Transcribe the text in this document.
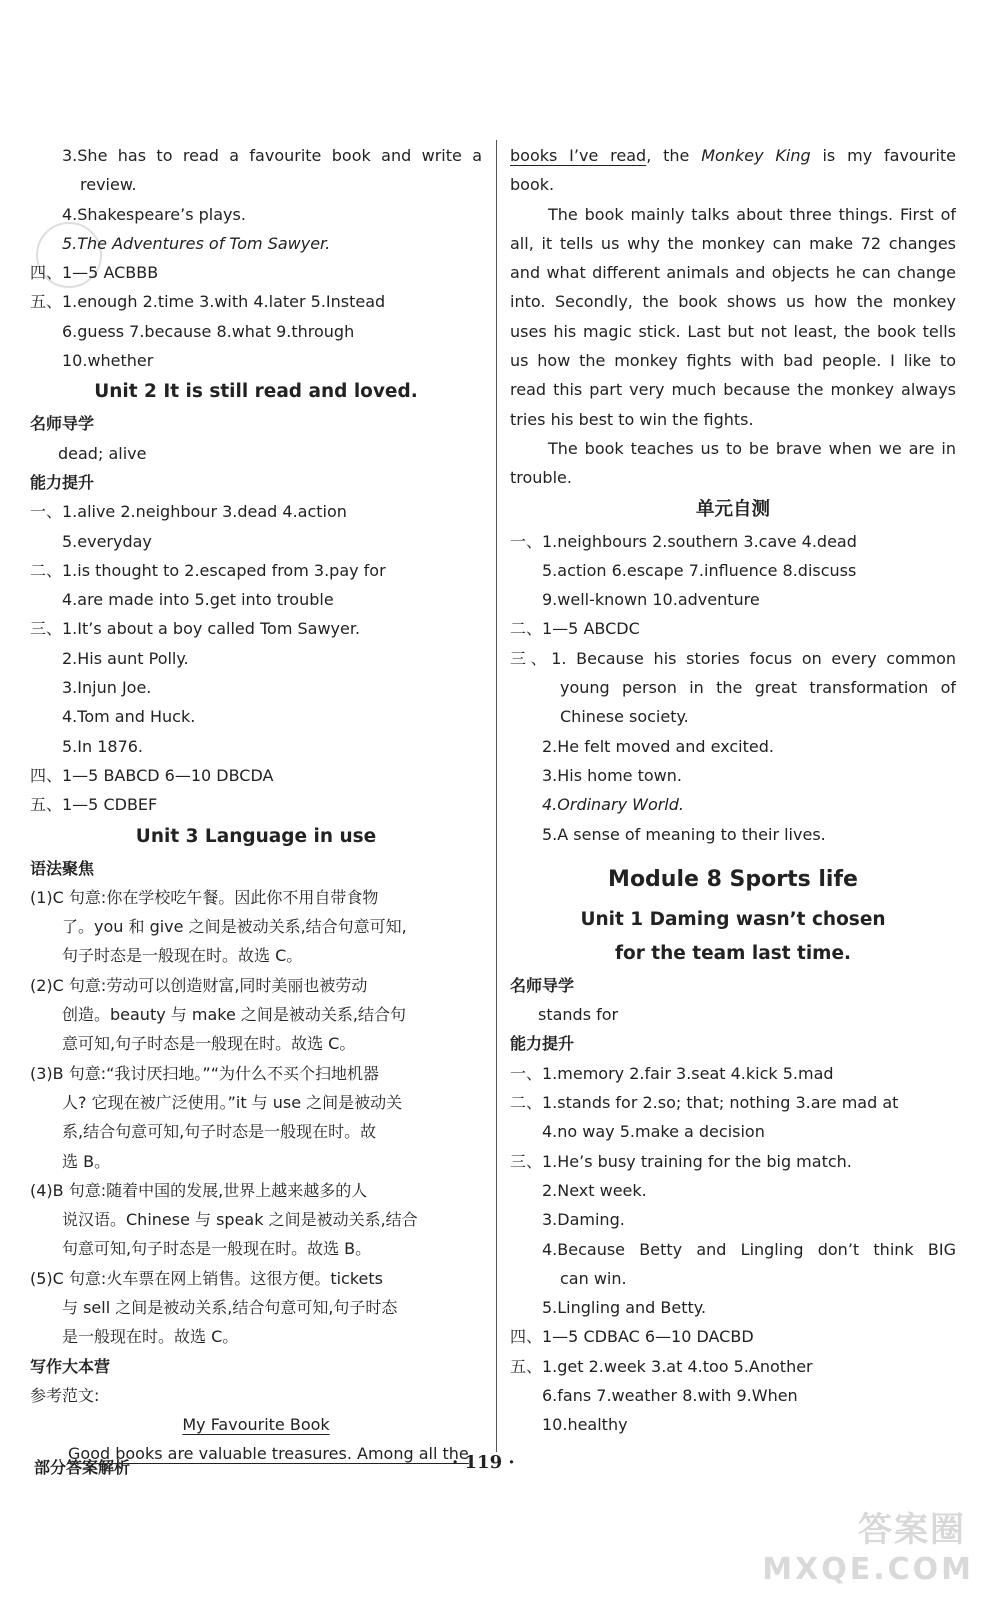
3.She has to read a favourite book and write a
review.
4.Shakespeare’s plays.
5.The Adventures of Tom Sawyer.
四、1—5 ACBBB
五、1.enough 2.time 3.with 4.later 5.Instead
6.guess 7.because 8.what 9.through
10.whether
Unit 2 It is still read and loved.
名师导学
dead; alive
能力提升
一、1.alive 2.neighbour 3.dead 4.action
5.everyday
二、1.is thought to 2.escaped from 3.pay for
4.are made into 5.get into trouble
三、1.It’s about a boy called Tom Sawyer.
2.His aunt Polly.
3.Injun Joe.
4.Tom and Huck.
5.In 1876.
四、1—5 BABCD 6—10 DBCDA
五、1—5 CDBEF
Unit 3 Language in use
语法聚焦
(1)C 句意:你在学校吃午餐。因此你不用自带食物
了。you 和 give 之间是被动关系,结合句意可知,
句子时态是一般现在时。故选 C。
(2)C 句意:劳动可以创造财富,同时美丽也被劳动
创造。beauty 与 make 之间是被动关系,结合句
意可知,句子时态是一般现在时。故选 C。
(3)B 句意:“我讨厌扫地。”“为什么不买个扫地机器
人? 它现在被广泛使用。”it 与 use 之间是被动关
系,结合句意可知,句子时态是一般现在时。故
选 B。
(4)B 句意:随着中国的发展,世界上越来越多的人
说汉语。Chinese 与 speak 之间是被动关系,结合
句意可知,句子时态是一般现在时。故选 B。
(5)C 句意:火车票在网上销售。这很方便。tickets
与 sell 之间是被动关系,结合句意可知,句子时态
是一般现在时。故选 C。
写作大本营
参考范文:
My Favourite Book
Good books are valuable treasures. Among all the
books I’ve read, the Monkey King is my favourite
book.
The book mainly talks about three things. First of
all, it tells us why the monkey can make 72 changes
and what different animals and objects he can change
into. Secondly, the book shows us how the monkey
uses his magic stick. Last but not least, the book tells
us how the monkey fights with bad people. I like to
read this part very much because the monkey always
tries his best to win the fights.
The book teaches us to be brave when we are in
trouble.
单元自测
一、1.neighbours 2.southern 3.cave 4.dead
5.action 6.escape 7.influence 8.discuss
9.well-known 10.adventure
二、1—5 ABCDC
三、1. Because his stories focus on every common
young person in the great transformation of
Chinese society.
2.He felt moved and excited.
3.His home town.
4.Ordinary World.
5.A sense of meaning to their lives.
Module 8 Sports life
Unit 1 Daming wasn’t chosen
for the team last time.
名师导学
stands for
能力提升
一、1.memory 2.fair 3.seat 4.kick 5.mad
二、1.stands for 2.so; that; nothing 3.are mad at
4.no way 5.make a decision
三、1.He’s busy training for the big match.
2.Next week.
3.Daming.
4.Because Betty and Lingling don’t think BIG
can win.
5.Lingling and Betty.
四、1—5 CDBAC 6—10 DACBD
五、1.get 2.week 3.at 4.too 5.Another
6.fans 7.weather 8.with 9.When
10.healthy
部分答案解析	· 119 ·
答案圈
MXQE.COM
